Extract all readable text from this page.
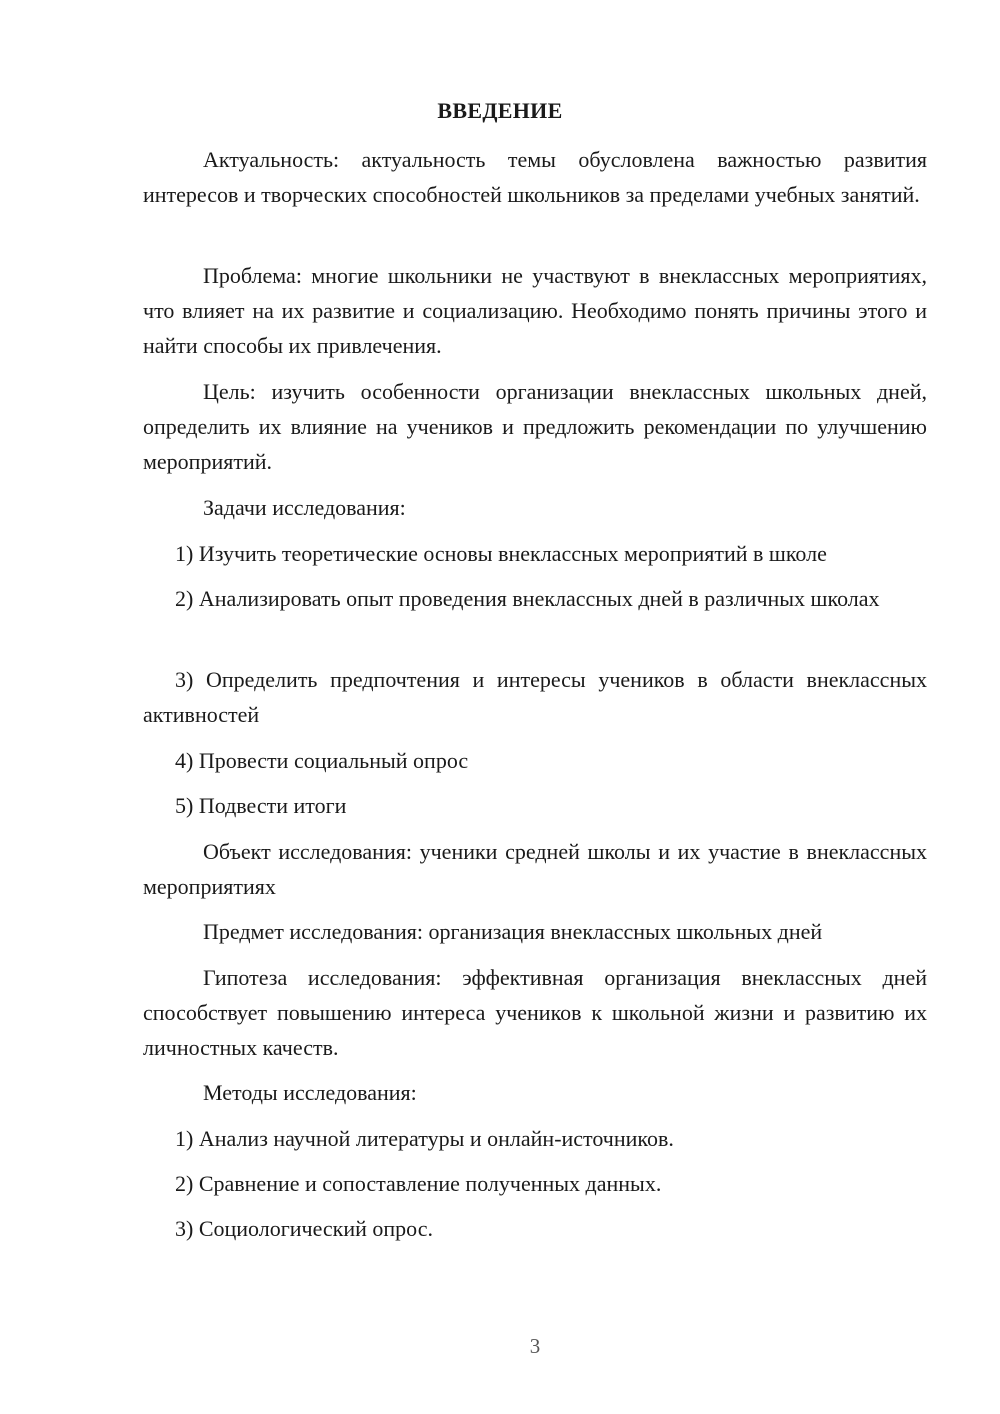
ВВЕДЕНИЕ

Актуальность: актуальность темы обусловлена важностью развития интересов и творческих способностей школьников за пределами учебных занятий.

Проблема: многие школьники не участвуют в внеклассных мероприятиях, что влияет на их развитие и социализацию. Необходимо понять причины этого и найти способы их привлечения.

Цель: изучить особенности организации внеклассных школьных дней, определить их влияние на учеников и предложить рекомендации по улучшению мероприятий.

Задачи исследования:

1) Изучить теоретические основы внеклассных мероприятий в школе

2) Анализировать опыт проведения внеклассных дней в различных школах

3) Определить предпочтения и интересы учеников в области внеклассных активностей

4) Провести социальный опрос

5) Подвести итоги

Объект исследования: ученики средней школы и их участие в внеклассных мероприятиях

Предмет исследования: организация внеклассных школьных дней

Гипотеза исследования: эффективная организация внеклассных дней способствует повышению интереса учеников к школьной жизни и развитию их личностных качеств.

Методы исследования:

1) Анализ научной литературы и онлайн-источников.

2) Сравнение и сопоставление полученных данных.

3) Социологический опрос.

3
